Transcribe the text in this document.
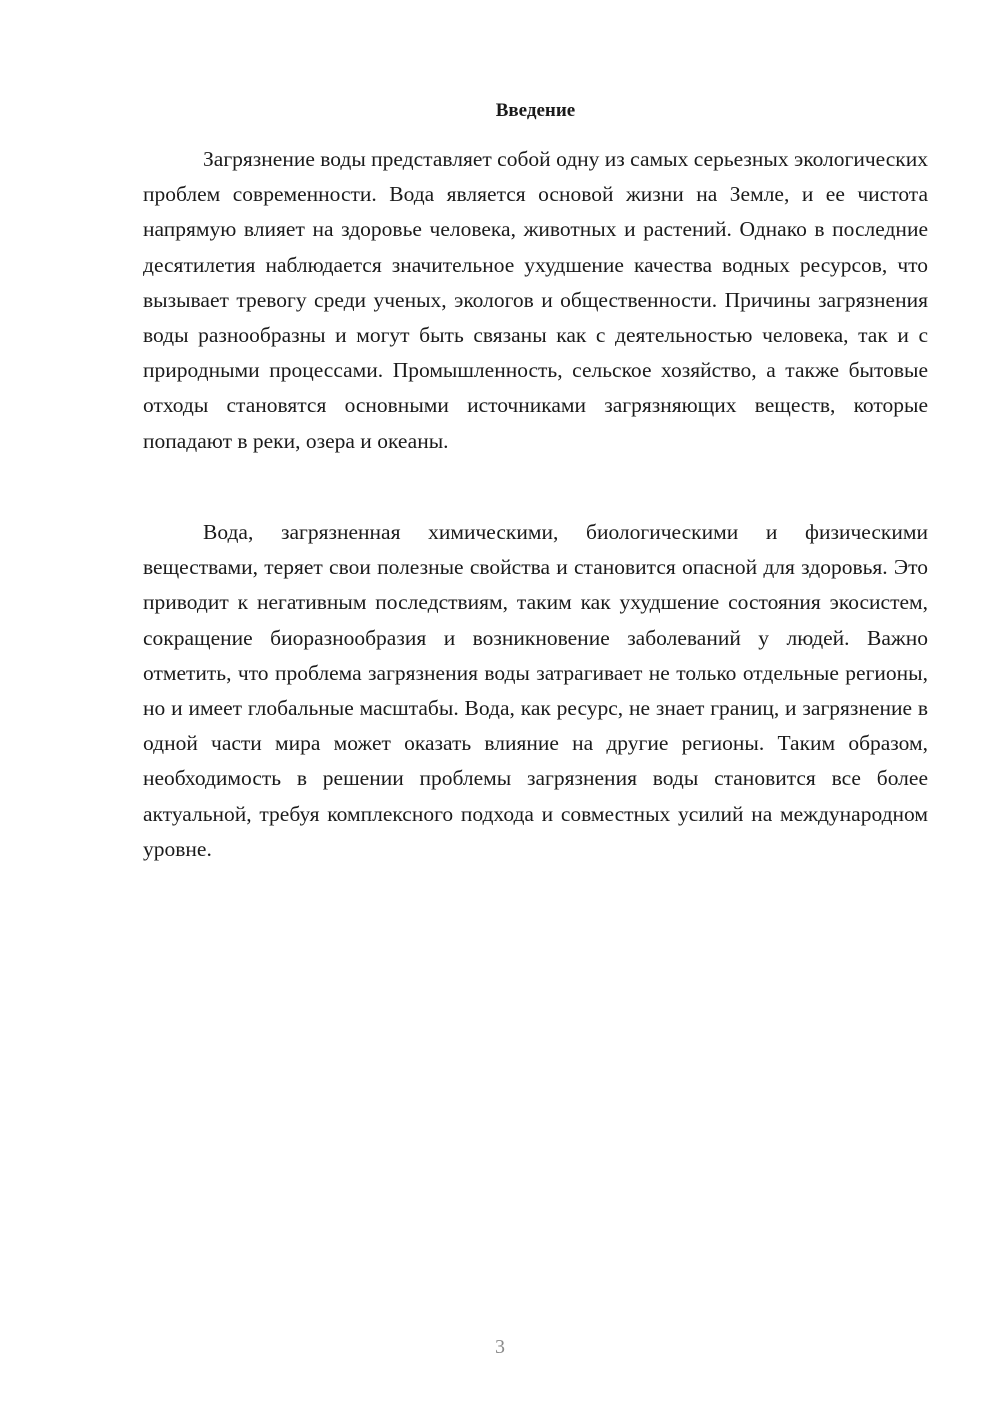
Введение

Загрязнение воды представляет собой одну из самых серьезных экологических проблем современности. Вода является основой жизни на Земле, и ее чистота напрямую влияет на здоровье человека, животных и растений. Однако в последние десятилетия наблюдается значительное ухудшение качества водных ресурсов, что вызывает тревогу среди ученых, экологов и общественности. Причины загрязнения воды разнообразны и могут быть связаны как с деятельностью человека, так и с природными процессами. Промышленность, сельское хозяйство, а также бытовые отходы становятся основными источниками загрязняющих веществ, которые попадают в реки, озера и океаны.

Вода, загрязненная химическими, биологическими и физическими веществами, теряет свои полезные свойства и становится опасной для здоровья. Это приводит к негативным последствиям, таким как ухудшение состояния экосистем, сокращение биоразнообразия и возникновение заболеваний у людей. Важно отметить, что проблема загрязнения воды затрагивает не только отдельные регионы, но и имеет глобальные масштабы. Вода, как ресурс, не знает границ, и загрязнение в одной части мира может оказать влияние на другие регионы. Таким образом, необходимость в решении проблемы загрязнения воды становится все более актуальной, требуя комплексного подхода и совместных усилий на международном уровне.

3
